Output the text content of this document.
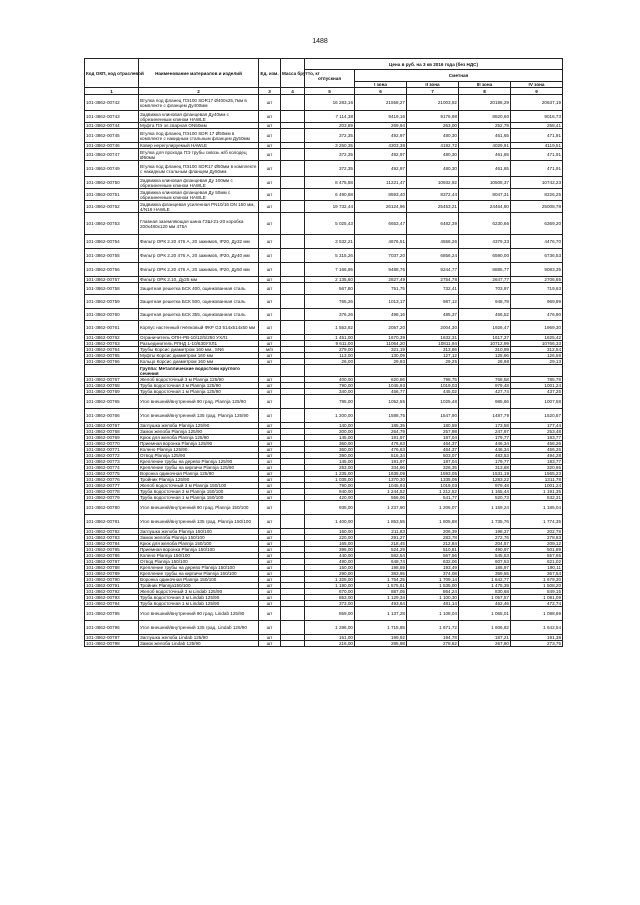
1488
Код ОКП, код отраслевой	Наименование материалов и изделий	Ед. изм.	Масса брутто, кг	Цена в руб. на 3 кв 2016 года (без НДС)				
				отпускная	Сметная			
					I зона	II зона	III зона	IV зона
1	2	3	4	5	6	7	8	9
101-3862-00742	Втулка под фланец ПЭ100 SDR17 Ø400х25,7мм в комплекте с фланцем Ду400мм	шт		16 283,16	21558,27	21003,92	20188,29	20637,19
101-3862-00743	Задвижка клиновая фланцевая Ду40мм с обрезиненным клином HAWLE	шт		7 114,38	9419,16	9176,98	8820,60	9016,73
101-3862-00744	Муфта ПЭ эл.сварная ОN50мм	шт		203,89	269,94	263,00	252,79	258,41
101-3862-00745	Втулка под фланец ПЭ100 SDR 17 Ø50мм в комплекте с накидным стальным фланцем Ду50мм	шт		372,35	492,97	480,30	461,65	471,91
101-3862-00746	Ковер нерегулируемый HAWLE	шт		3 250,35	4303,38	4192,72	4029,91	4119,51
101-3862-00747	Втулка для прохода ПЭ трубы сквозь ж/б колодец Ø50мм	шт		372,35	492,97	480,30	461,65	471,91
101-3862-00749	Втулка под фланец ПЭ100 SDR17 Ø50мм в комплекте с накидным стальным фланцем Ду50мм	шт		372,35	492,97	480,30	461,65	471,91
101-3862-00750	Задвижка клиновая фланцевая Ду 100мм с обрезиненным клином HAWLE	шт		8 475,58	11221,47	10932,92	10508,37	10742,23
101-3862-00751	Задвижка клиновая фланцевая Ду 50мм с обрезиненным клином HAWLE	шт		6 490,68	8593,40	8372,44	8047,31	8226,25
101-3862-00752	Задвижка фланцевая усиленная PN10/16 DN 150 мм, 4/N16 HAWLE	шт		19 732,44	26124,96	25453,21	24464,80	25008,78
101-3862-00753	Главная заземляющая шина ГЗШ-21-20 коробка 200х480х120 мм 475А	шт		5 025,43	6653,47	6482,39	6230,66	6369,20
101-3862-00754	Фильтр ОРК 2.20 476 А, 20 зажимов, IP20, Ду32 мм	шт		3 532,21	4676,51	4556,26	4379,33	4476,70
101-3862-00755	Фильтр ОРК 2.20 476 А, 20 зажимов, IP20, Ду40 мм	шт		5 315,26	7037,20	6856,24	6590,00	6736,53
101-3862-00756	Фильтр ОРК 2.20 476 А, 20 зажимов, IP20, Ду50 мм	шт		7 166,95	9488,76	9244,77	8885,77	9083,35
101-3862-00757	Фильтр ОРК 2.10, Ду25 мм	шт		2 135,60	2827,49	2754,78	2647,77	2706,65
101-3862-00758	Защитная решетка БСК 400, оцинкованная сталь	шт		567,80	751,75	732,41	703,97	719,63
101-3862-00759	Защитная решетка БСК 500, оцинкованная сталь	шт		765,26	1013,17	987,12	948,78	969,89
101-3862-00760	Защитная решетка БСК 355, оцинкованная сталь	шт		376,26	498,16	485,37	466,52	476,90
101-3862-00761	Корпус настенный пчёлковый ФКР G3 514х514х50 мм	шт		1 553,82	2057,20	2004,30	1926,47	1969,30
101-3862-00762	Ограничитель ОПН-РВ-10/12/5/250 УХЛ1	шт		1 451,00	1670,39	1632,31	1617,37	1625,42
101-3862-00763	Разъединитель РЛНД 1-10/630УХЛ1	шт		9 611,00	11064,20	10811,94	10712,99	10766,33
101-3862-00764	Трубы Корсис диаметром 160 мм., SN6	м/п		279,00	321,19	313,86	310,99	312,54
101-3862-00765	Муфты Корсис диаметром 160 мм	шт		113,00	130,09	127,12	125,96	126,58
101-3862-00766	Кольцо Корсис диаметром 160 мм	шт		26,00	29,93	29,25	28,98	29,13
	Группа: Металлические водостоки круглого сечения							
101-3862-00767	Желоб водосточный 3 м Plannja 125/90	шт		400,00	620,86	798,75	768,58	785,78
101-3862-00768	Труба водосточная 3 м Plannja 125/90	шт		790,00	1045,93	1019,03	979,48	1001,24
101-3862-00769	Труба водосточная 1 м Plannja 125/90	шт		340,00	456,77	445,02	427,74	437,25
101-3862-00765	Угол внешний/внутренний 90 град. Plannja 125/90	шт		795,00	1052,55	1025,48	985,66	1007,58
101-3862-00766	Угол внешний/внутренний 135 град. Plannja 125/90	шт		1 200,00	1588,75	1547,90	1487,79	1520,87
101-3862-00767	Заглушка желоба Plannja 125/90	шт		140,00	185,35	180,59	173,58	177,44
101-3862-00768	Замок желоба Plannja 125/90	шт		200,00	264,79	257,98	247,97	253,48
101-3862-00769	Крюк для желоба Plannja 125/90	шт		145,00	191,97	187,04	179,77	183,77
101-3862-00770	Приемная воронка Plannja 125/90	шт		360,00	476,63	464,37	446,34	456,26
101-3862-00771	Колено Plannja 125/90	шт		360,00	476,63	464,37	446,34	456,26
101-3862-00772	Отвод Plannja 125/90	шт		390,00	516,34	503,07	483,53	494,28
101-3862-00773	Крепление трубы на дерево Plannja 125/90	шт		145,00	191,97	187,04	179,77	183,77
101-3862-00774	Крепление трубы на кирпичи Plannja 125/90	шт		253,00	334,96	326,35	313,68	320,65
101-3862-00775	Воронка одиночная Plannja 125/90	шт		1 235,00	1635,09	1593,05	1531,19	1565,23
101-3862-00776	Тройник Plannja 125/90	шт		1 035,00	1370,30	1335,06	1283,22	1311,78
101-3862-00777	Желоб водосточный 3 м Plannja 150/100	шт		790,00	1045,93	1019,03	979,48	1001,24
101-3862-00778	Труба водосточная 3 м Plannja 150/100	шт		940,00	1 244,52	1 212,52	1 165,44	1 191,35
101-3862-00779	Труба водосточная 1 м Plannja 150/100	шт		420,00	556,06	541,77	520,73	532,31
101-3862-00780	Угол внешний/внутренний 90 град. Plannja 150/100	шт		935,00	1 237,90	1 206,07	1 159,24	1 185,04
101-3862-00781	Угол внешний/внутренний 135 град. Plannja 150/100	шт		1 400,00	1 853,55	1 805,88	1 735,76	1 774,35
101-3862-00782	Заглушка желоба Plannja 150/100	шт		160,00	211,83	206,39	198,37	202,78
101-3862-00783	Замок желоба Plannja 150/100	шт		220,00	291,27	283,78	272,76	278,83
101-3862-00784	Крюк для желоба Plannja 150/100	шт		165,00	218,45	212,84	204,57	209,12
101-2662-00785	Приемная воронка Plannja 150/100	шт		396,00	524,29	510,81	490,97	501,89
101-3862-00786	Колено Plannja 150/100	шт		440,00	582,54	567,56	545,53	557,65
101-3862-00787	Отвод Plannja 150/100	шт		490,00	648,74	632,06	607,53	621,02
101-3862-00788	Крепление трубы на дерево Plannja 150/100	шт		150,00	198,59	193,49	185,97	190,11
101-3862-00789	Крепление трубы на кирпичи Plannja 150/100	шт		290,00	383,95	374,08	359,55	367,54
101-3862-00790	Воронка одиночная Plannja 150/100	шт		1 325,00	1 754,25	1 709,14	1 642,77	1 679,30
101-3862-00791	Тройник Plannja150/100	шт		1 190,00	1 575,51	1 535,00	1 475,39	1 508,20
101-3862-00792	Желоб водосточный 3 м Lindab 125/90	шт		670,00	887,05	864,24	830,68	849,15
101-3862-00793	Труба водосточная 3 м Lindab 125/90	шт		853,00	1 129,34	1 100,30	1 057,57	1 081,09
101-3862-00794	Труба водосточная 1 м Lindab 125/90	шт		373,00	493,84	481,14	462,46	472,74
101-3862-00795	Угол внешний/внутренний 90 град. Lindab 125/90	шт		859,00	1 137,28	1 108,04	1 065,01	1 088,69
101-3862-00796	Угол внешний/внутренний 135 град. Lindab 125/90	шт		1 296,00	1 715,85	1 671,72	1 606,82	1 642,54
101-3862-00797	Заглушка желоба Lindab 125/90	шт		151,00	199,92	194,78	187,21	191,38
101-3862-00798	Замок желоба Lindab 125/90	шт		216,00	285,98	278,62	267,80	273,75
